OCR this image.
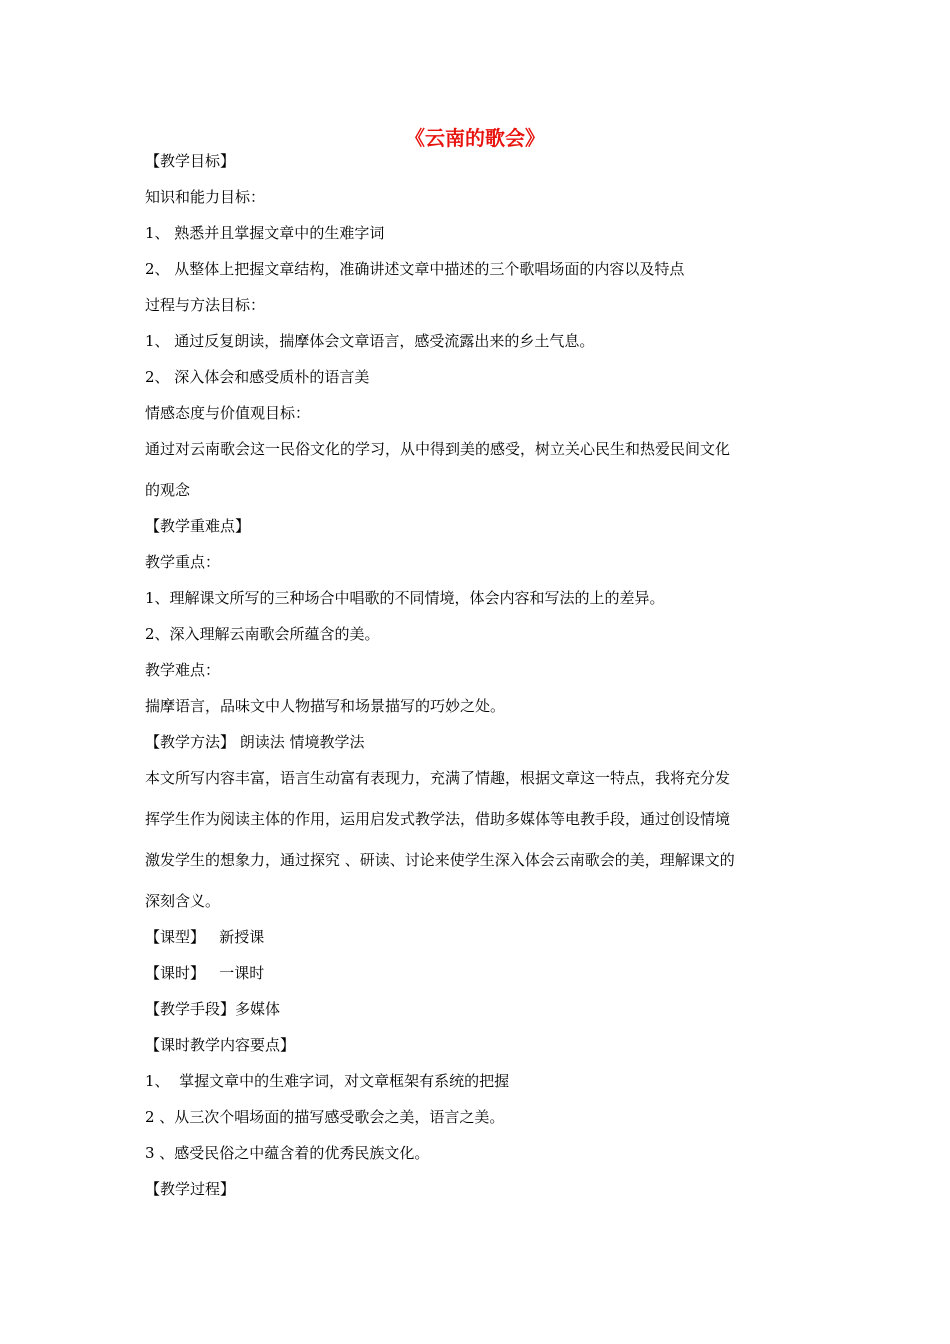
《云南的歌会》
【教学目标】
知识和能力目标：
1、 熟悉并且掌握文章中的生难字词
2、 从整体上把握文章结构，准确讲述文章中描述的三个歌唱场面的内容以及特点
过程与方法目标：
1、 通过反复朗读，揣摩体会文章语言，感受流露出来的乡土气息。
2、 深入体会和感受质朴的语言美
情感态度与价值观目标：
通过对云南歌会这一民俗文化的学习，从中得到美的感受，树立关心民生和热爱民间文化
的观念
【教学重难点】
教学重点：
1、理解课文所写的三种场合中唱歌的不同情境，体会内容和写法的上的差异。
2、深入理解云南歌会所蕴含的美。
教学难点：
揣摩语言，品味文中人物描写和场景描写的巧妙之处。
【教学方法】 朗读法 情境教学法
本文所写内容丰富，语言生动富有表现力，充满了情趣，根据文章这一特点，我将充分发
挥学生作为阅读主体的作用，运用启发式教学法，借助多媒体等电教手段，通过创设情境
激发学生的想象力，通过探究 、研读、讨论来使学生深入体会云南歌会的美，理解课文的
深刻含义。
【课型】   新授课
【课时】   一课时
【教学手段】多媒体
【课时教学内容要点】
1、  掌握文章中的生难字词，对文章框架有系统的把握
2 、从三次个唱场面的描写感受歌会之美，语言之美。
3 、感受民俗之中蕴含着的优秀民族文化。
【教学过程】
